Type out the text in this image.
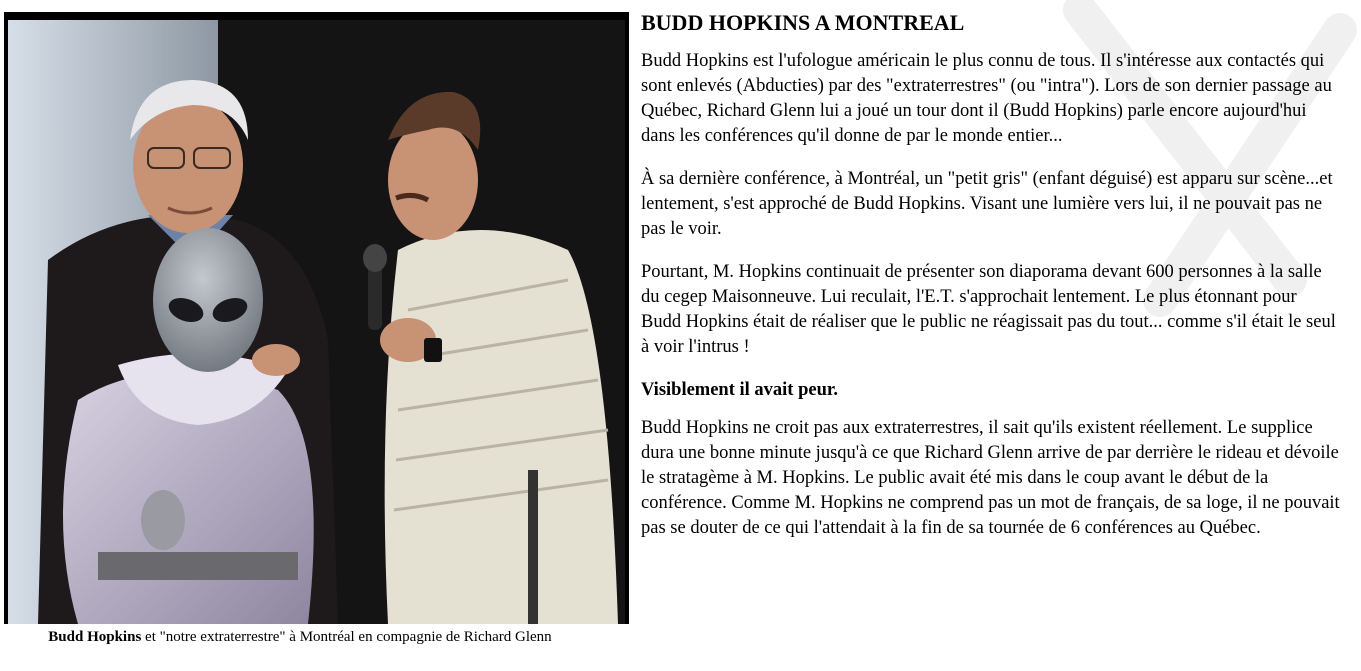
Budd Hopkins et "notre extraterrestre" à Montréal en compagnie de Richard Glenn
BUDD HOPKINS A MONTREAL

Budd Hopkins est l'ufologue américain le plus connu de tous. Il s'intéresse aux contactés qui sont enlevés (Abducties) par des "extraterrestres" (ou "intra"). Lors de son dernier passage au Québec, Richard Glenn lui a joué un tour dont il (Budd Hopkins) parle encore aujourd'hui dans les conférences qu'il donne de par le monde entier...

À sa dernière conférence, à Montréal, un "petit gris" (enfant déguisé) est apparu sur scène...et lentement, s'est approché de Budd Hopkins. Visant une lumière vers lui, il ne pouvait pas ne pas le voir.

Pourtant, M. Hopkins continuait de présenter son diaporama devant 600 personnes à la salle du cegep Maisonneuve. Lui reculait, l'E.T. s'approchait lentement. Le plus étonnant pour Budd Hopkins était de réaliser que le public ne réagissait pas du tout... comme s'il était le seul à voir l'intrus !

Visiblement il avait peur.

Budd Hopkins ne croit pas aux extraterrestres, il sait qu'ils existent réellement. Le supplice dura une bonne minute jusqu'à ce que Richard Glenn arrive de par derrière le rideau et dévoile le stratagème à M. Hopkins. Le public avait été mis dans le coup avant le début de la conférence. Comme M. Hopkins ne comprend pas un mot de français, de sa loge, il ne pouvait pas se douter de ce qui l'attendait à la fin de sa tournée de 6 conférences au Québec.
